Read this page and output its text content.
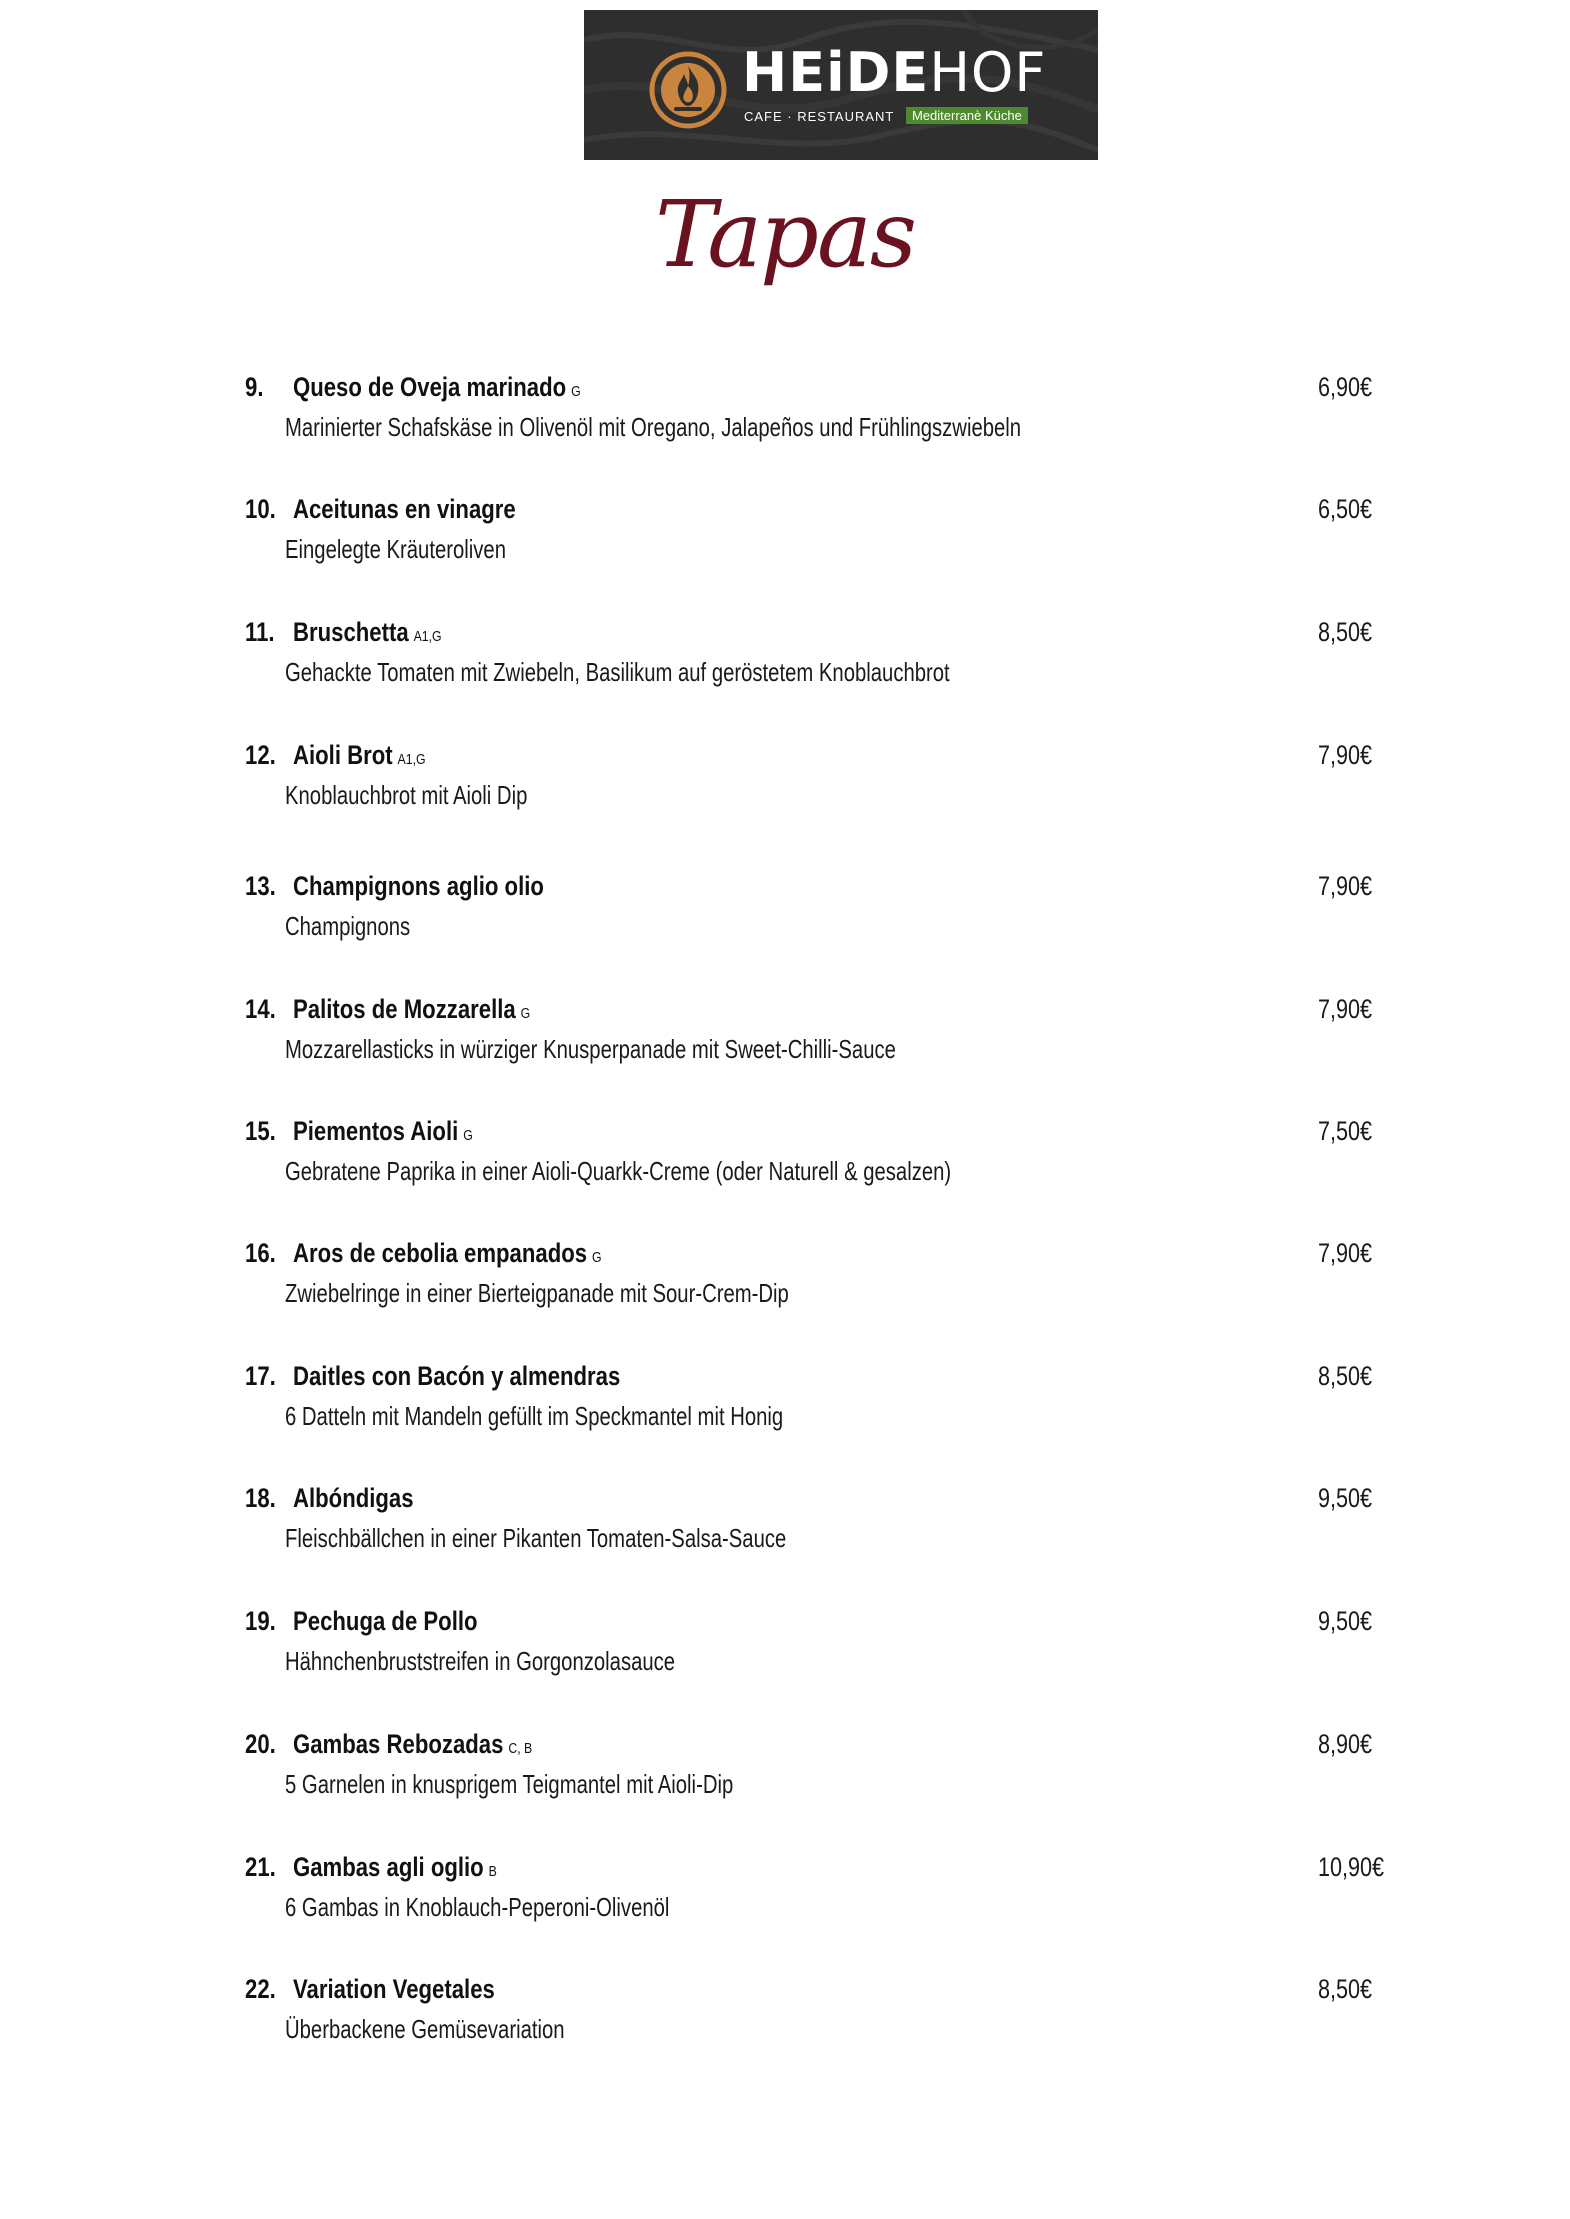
HEiDEHOF
CAFE · RESTAURANT	Mediterranè Küche
Tapas
9. Queso de Oveja marinado G
Marinierter Schafskäse in Olivenöl mit Oregano, Jalapeños und Frühlingszwiebeln
6,90€
10. Aceitunas en vinagre
Eingelegte Kräuteroliven
6,50€
11. Bruschetta A1,G
Gehackte Tomaten mit Zwiebeln, Basilikum auf geröstetem Knoblauchbrot
8,50€
12. Aioli Brot A1,G
Knoblauchbrot mit Aioli Dip
7,90€
13. Champignons aglio olio
Champignons
7,90€
14. Palitos de Mozzarella G
Mozzarellasticks in würziger Knusperpanade mit Sweet-Chilli-Sauce
7,90€
15. Piementos Aioli G
Gebratene Paprika in einer Aioli-Quarkk-Creme (oder Naturell & gesalzen)
7,50€
16. Aros de cebolia empanados G
Zwiebelringe in einer Bierteigpanade mit Sour-Crem-Dip
7,90€
17. Daitles con Bacón y almendras
6 Datteln mit Mandeln gefüllt im Speckmantel mit Honig
8,50€
18. Albóndigas
Fleischbällchen in einer Pikanten Tomaten-Salsa-Sauce
9,50€
19. Pechuga de Pollo
Hähnchenbruststreifen in Gorgonzolasauce
9,50€
20. Gambas Rebozadas C, B
5 Garnelen in knusprigem Teigmantel mit Aioli-Dip
8,90€
21. Gambas agli oglio B
6 Gambas in Knoblauch-Peperoni-Olivenöl
10,90€
22. Variation Vegetales
Überbackene Gemüsevariation
8,50€
